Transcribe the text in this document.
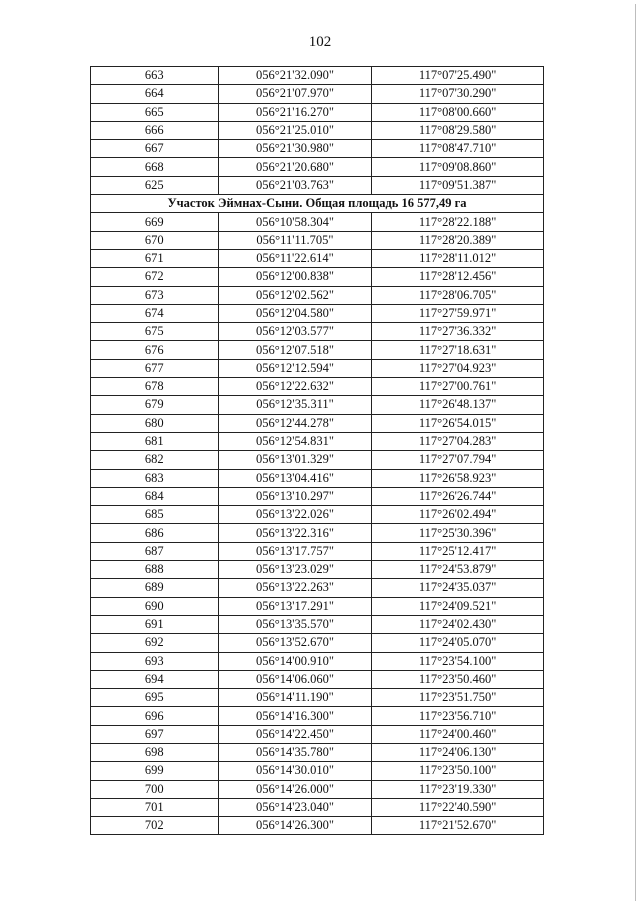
102
663	056°21'32.090"	117°07'25.490"
664	056°21'07.970"	117°07'30.290"
665	056°21'16.270"	117°08'00.660"
666	056°21'25.010"	117°08'29.580"
667	056°21'30.980"	117°08'47.710"
668	056°21'20.680"	117°09'08.860"
625	056°21'03.763"	117°09'51.387"
Участок Эймнах-Сыни. Общая площадь 16 577,49 га		
669	056°10'58.304"	117°28'22.188"
670	056°11'11.705"	117°28'20.389"
671	056°11'22.614"	117°28'11.012"
672	056°12'00.838"	117°28'12.456"
673	056°12'02.562"	117°28'06.705"
674	056°12'04.580"	117°27'59.971"
675	056°12'03.577"	117°27'36.332"
676	056°12'07.518"	117°27'18.631"
677	056°12'12.594"	117°27'04.923"
678	056°12'22.632"	117°27'00.761"
679	056°12'35.311"	117°26'48.137"
680	056°12'44.278"	117°26'54.015"
681	056°12'54.831"	117°27'04.283"
682	056°13'01.329"	117°27'07.794"
683	056°13'04.416"	117°26'58.923"
684	056°13'10.297"	117°26'26.744"
685	056°13'22.026"	117°26'02.494"
686	056°13'22.316"	117°25'30.396"
687	056°13'17.757"	117°25'12.417"
688	056°13'23.029"	117°24'53.879"
689	056°13'22.263"	117°24'35.037"
690	056°13'17.291"	117°24'09.521"
691	056°13'35.570"	117°24'02.430"
692	056°13'52.670"	117°24'05.070"
693	056°14'00.910"	117°23'54.100"
694	056°14'06.060"	117°23'50.460"
695	056°14'11.190"	117°23'51.750"
696	056°14'16.300"	117°23'56.710"
697	056°14'22.450"	117°24'00.460"
698	056°14'35.780"	117°24'06.130"
699	056°14'30.010"	117°23'50.100"
700	056°14'26.000"	117°23'19.330"
701	056°14'23.040"	117°22'40.590"
702	056°14'26.300"	117°21'52.670"
